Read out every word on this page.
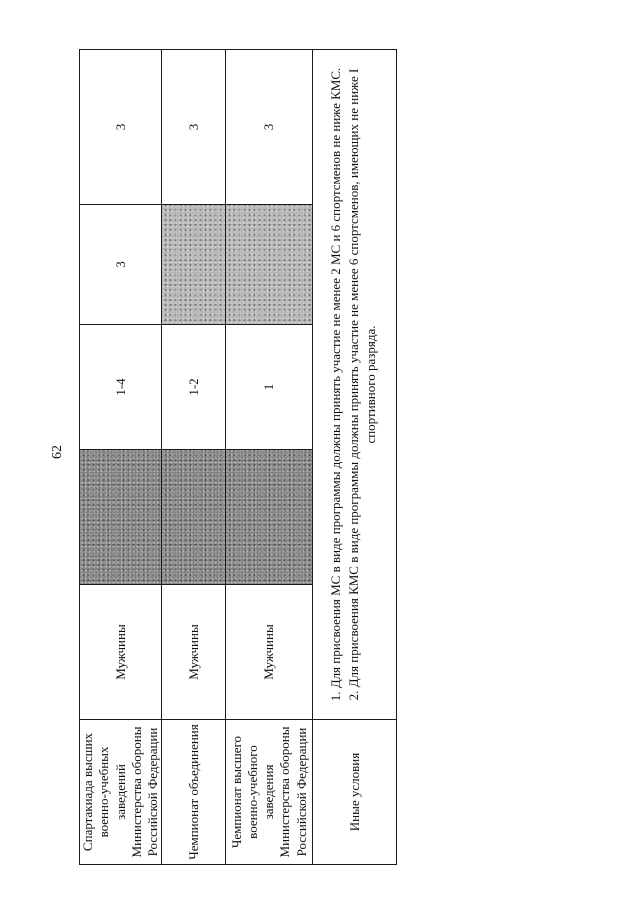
62
Спартакиада высших военно-учебных заведений Министерства обороны Российской Федерации	Мужчины		1-4	3	3
Чемпионат объединения	Мужчины		1-2		3
Чемпионат высшего военно-учебного заведения Министерства обороны Российской Федерации	Мужчины		1		3
Иные условия	1. Для присвоения МС в виде программы должны принять участие не менее 2 МС и 6 спортсменов не ниже КМС. 2. Для присвоения КМС в виде программы должны принять участие не менее 6 спортсменов, имеющих не ниже I спортивного разряда.				
